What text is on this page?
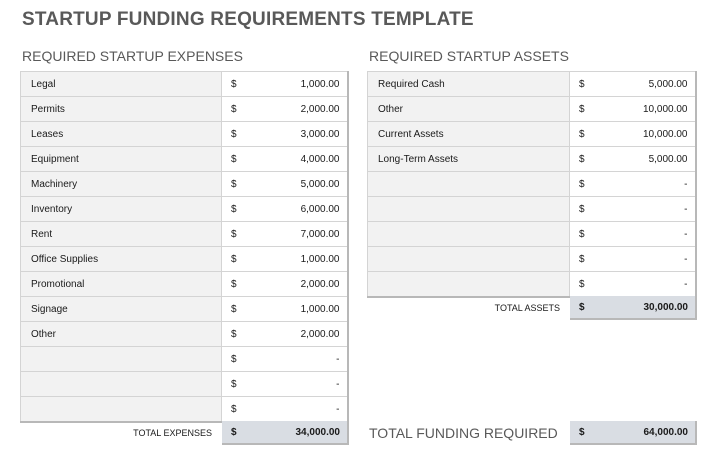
STARTUP FUNDING REQUIREMENTS TEMPLATE
REQUIRED STARTUP EXPENSES	REQUIRED STARTUP ASSETS
Legal	$	1,000.00
Permits	$	2,000.00
Leases	$	3,000.00
Equipment	$	4,000.00
Machinery	$	5,000.00
Inventory	$	6,000.00
Rent	$	7,000.00
Office Supplies	$	1,000.00
Promotional	$	2,000.00
Signage	$	1,000.00
Other	$	2,000.00
	$	-
	$	-
	$	-
Required Cash	$	5,000.00
Other	$	10,000.00
Current Assets	$	10,000.00
Long-Term Assets	$	5,000.00
	$	-
	$	-
	$	-
	$	-
	$	-
TOTAL EXPENSES	$	34,000.00
TOTAL ASSETS	$	30,000.00
TOTAL FUNDING REQUIRED	$	64,000.00
